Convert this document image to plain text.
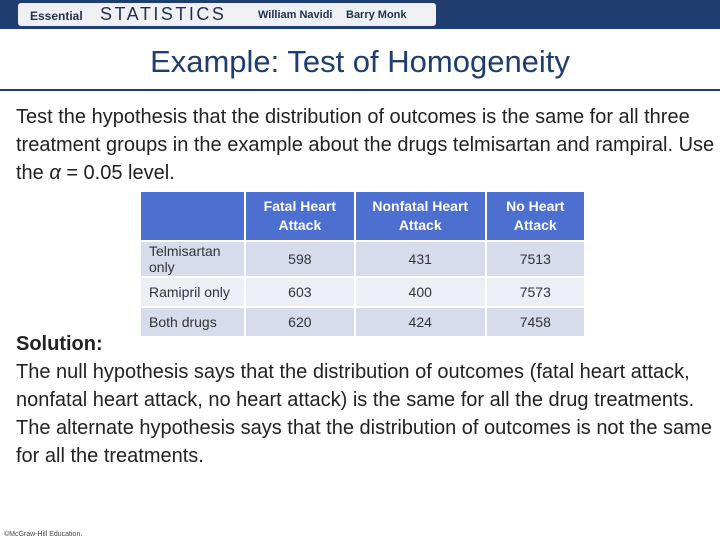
Essential STATISTICS	William Navidi Barry Monk
Example: Test of Homogeneity
Test the hypothesis that the distribution of outcomes is the same for all three treatment groups in the example about the drugs telmisartan and rampiral. Use the α = 0.05 level.
	Fatal Heart Attack	Nonfatal Heart Attack	No Heart Attack
Telmisartan only	598	431	7513
Ramipril only	603	400	7573
Both drugs	620	424	7458
Solution:
The null hypothesis says that the distribution of outcomes (fatal heart attack, nonfatal heart attack, no heart attack) is the same for all the drug treatments. The alternate hypothesis says that the distribution of outcomes is not the same for all the treatments.
©McGraw-Hill Education.
